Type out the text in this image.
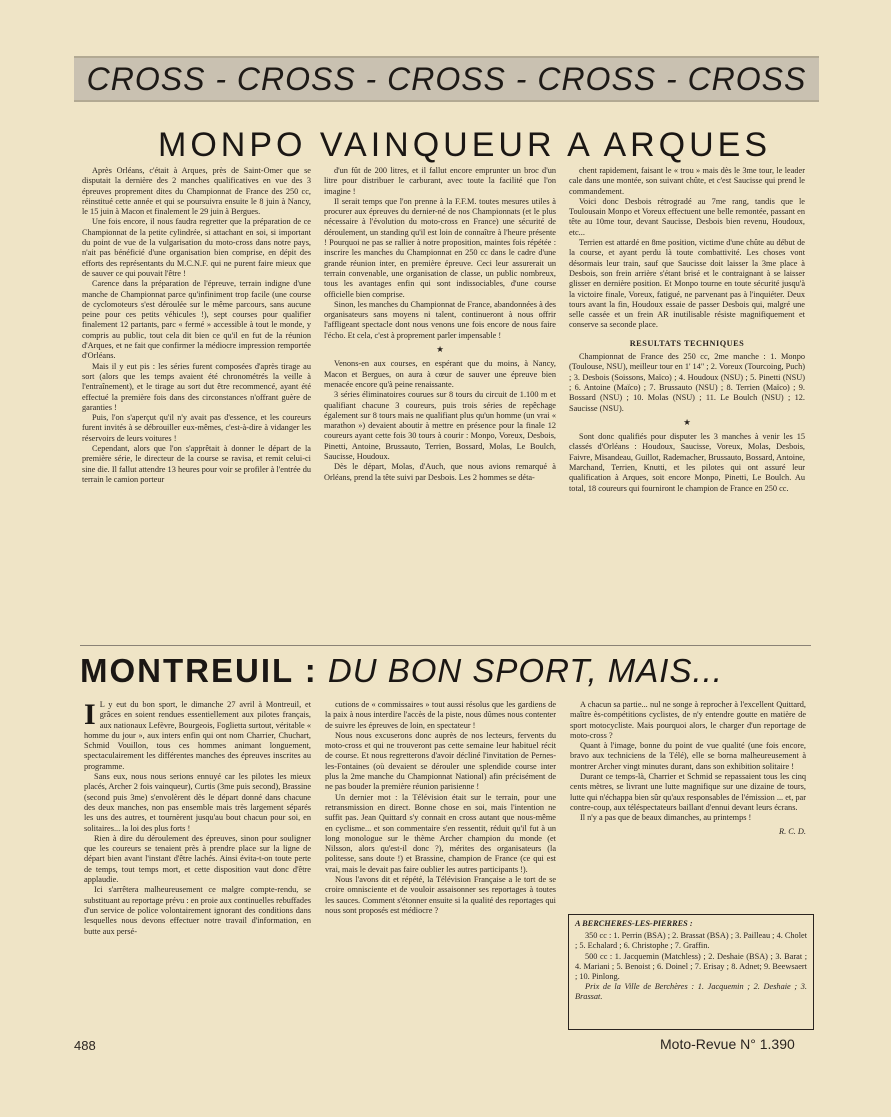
CROSS - CROSS - CROSS - CROSS - CROSS
MONPO VAINQUEUR A ARQUES

Après Orléans, c'était à Arques, près de Saint-Omer que se disputait la dernière des 2 manches qualificatives en vue des 3 épreuves proprement dites du Championnat de France des 250 cc, réinstitué cette année et qui se poursuivra ensuite le 8 juin à Nancy, le 15 juin à Macon et finalement le 29 juin à Bergues.

Une fois encore, il nous faudra regretter que la préparation de ce Championnat de la petite cylindrée, si attachant en soi, si important du point de vue de la vulgarisation du moto-cross dans notre pays, n'ait pas bénéficié d'une organisation bien comprise, en dépit des efforts des représentants du M.C.N.F. qui ne purent faire mieux que de sauver ce qui pouvait l'être !

Carence dans la préparation de l'épreuve, terrain indigne d'une manche de Championnat parce qu'infiniment trop facile (une course de cyclomoteurs s'est déroulée sur le même parcours, sans aucune peine pour ces petits véhicules !), sept courses pour qualifier finalement 12 partants, parc « fermé » accessible à tout le monde, y compris au public, tout cela dit bien ce qu'il en fut de la réunion d'Arques, et ne fait que confirmer la médiocre impression remportée d'Orléans.

Mais il y eut pis : les séries furent composées d'après tirage au sort (alors que les temps avaient été chronométrés la veille à l'entraînement), et le tirage au sort dut être recommencé, ayant été effectué la première fois dans des circonstances n'offrant guère de garanties !

Puis, l'on s'aperçut qu'il n'y avait pas d'essence, et les coureurs furent invités à se débrouiller eux-mêmes, c'est-à-dire à vidanger les réservoirs de leurs voitures !

Cependant, alors que l'on s'apprêtait à donner le départ de la première série, le directeur de la course se ravisa, et remit celui-ci sine die. Il fallut attendre 13 heures pour voir se profiler à l'entrée du terrain le camion porteur

d'un fût de 200 litres, et il fallut encore emprunter un broc d'un litre pour distribuer le carburant, avec toute la facilité que l'on imagine !

Il serait temps que l'on prenne à la F.F.M. toutes mesures utiles à procurer aux épreuves du dernier-né de nos Championnats (et le plus nécessaire à l'évolution du moto-cross en France) une sécurité de déroulement, un standing qu'il est loin de connaître à l'heure présente ! Pourquoi ne pas se rallier à notre proposition, maintes fois répétée : inscrire les manches du Championnat en 250 cc dans le cadre d'une grande réunion inter, en première épreuve. Ceci leur assurerait un terrain convenable, une organisation de classe, un public nombreux, tous les avantages enfin qui sont indissociables, d'une course officielle bien comprise.

Sinon, les manches du Championnat de France, abandonnées à des organisateurs sans moyens ni talent, continueront à nous offrir l'affligeant spectacle dont nous venons une fois encore de nous faire l'écho. Et cela, c'est à proprement parler impensable !

★

Venons-en aux courses, en espérant que du moins, à Nancy, Macon et Bergues, on aura à cœur de sauver une épreuve bien menacée encore qu'à peine renaissante.

3 séries éliminatoires courues sur 8 tours du circuit de 1.100 m et qualifiant chacune 3 coureurs, puis trois séries de repêchage également sur 8 tours mais ne qualifiant plus qu'un homme (un vrai « marathon ») devaient aboutir à mettre en présence pour la finale 12 coureurs ayant cette fois 30 tours à courir : Monpo, Voreux, Desbois, Pinetti, Antoine, Brussauto, Terrien, Bossard, Molas, Le Boulch, Saucisse, Houdoux.

Dès le départ, Molas, d'Auch, que nous avions remarqué à Orléans, prend la tête suivi par Desbois. Les 2 hommes se déta-

chent rapidement, faisant le « trou » mais dès le 3me tour, le leader cale dans une montée, son suivant chûte, et c'est Saucisse qui prend le commandement.

Voici donc Desbois rétrogradé au 7me rang, tandis que le Toulousain Monpo et Voreux effectuent une belle remontée, passant en tête au 10me tour, devant Saucisse, Desbois bien revenu, Houdoux, etc...

Terrien est attardé en 8me position, victime d'une chûte au début de la course, et ayant perdu là toute combattivité. Les choses vont désormais leur train, sauf que Saucisse doit laisser la 3me place à Desbois, son frein arrière s'étant brisé et le contraignant à se laisser glisser en dernière position. Et Monpo tourne en toute sécurité jusqu'à la victoire finale, Voreux, fatigué, ne parvenant pas à l'inquiéter. Deux tours avant la fin, Houdoux essaie de passer Desbois qui, malgré une selle cassée et un frein AR inutilisable résiste magnifiquement et conserve sa seconde place.

RESULTATS TECHNIQUES

Championnat de France des 250 cc, 2me manche : 1. Monpo (Toulouse, NSU), meilleur tour en 1' 14" ; 2. Voreux (Tourcoing, Puch) ; 3. Desbois (Soissons, Maïco) ; 4. Houdoux (NSU) ; 5. Pinetti (NSU) ; 6. Antoine (Maïco) ; 7. Brussauto (NSU) ; 8. Terrien (Maïco) ; 9. Bossard (NSU) ; 10. Molas (NSU) ; 11. Le Boulch (NSU) ; 12. Saucisse (NSU).

★

Sont donc qualifiés pour disputer les 3 manches à venir les 15 classés d'Orléans : Houdoux, Saucisse, Voreux, Molas, Desbois, Faivre, Misandeau, Guillot, Rademacher, Brussauto, Bossard, Antoine, Marchand, Terrien, Knutti, et les pilotes qui ont assuré leur qualification à Arques, soit encore Monpo, Pinetti, Le Boulch. Au total, 18 coureurs qui fourniront le champion de France en 250 cc.

MONTREUIL : DU BON SPORT, MAIS...

I L y eut du bon sport, le dimanche 27 avril à Montreuil, et grâces en soient rendues essentiellement aux pilotes français, aux nationaux Lefèvre, Bourgeois, Foglietta surtout, véritable « homme du jour », aux inters enfin qui ont nom Charrier, Chuchart, Schmid Vouillon, tous ces hommes animant longuement, spectaculairement les différentes manches des épreuves inscrites au programme.

Sans eux, nous nous serions ennuyé car les pilotes les mieux placés, Archer 2 fois vainqueur), Curtis (3me puis second), Brassine (second puis 3me) s'envolèrent dès le départ donné dans chacune des deux manches, non pas ensemble mais très largement séparés les uns des autres, et tournèrent jusqu'au bout chacun pour soi, en solitaires... la loi des plus forts !

Rien à dire du déroulement des épreuves, sinon pour souligner que les coureurs se tenaient près à prendre place sur la ligne de départ bien avant l'instant d'être lachés. Ainsi évita-t-on toute perte de temps, tout temps mort, et cette disposition vaut donc d'être applaudie.

Ici s'arrêtera malheureusement ce malgre compte-rendu, se substituant au reportage prévu : en proie aux continuelles rebuffades d'un service de police volontairement ignorant des conditions dans lesquelles nous devons effectuer notre travail d'information, en butte aux persé-

cutions de « commissaires » tout aussi résolus que les gardiens de la paix à nous interdire l'accès de la piste, nous dûmes nous contenter de suivre les épreuves de loin, en spectateur !

Nous nous excuserons donc auprès de nos lecteurs, fervents du moto-cross et qui ne trouveront pas cette semaine leur habituel récit de course. Et nous regretterons d'avoir décliné l'invitation de Pernes-les-Fontaines (où devaient se dérouler une splendide course inter plus la 2me manche du Championnat National) afin précisément de ne pas bouder la première réunion parisienne !

Un dernier mot : la Télévision était sur le terrain, pour une retransmission en direct. Bonne chose en soi, mais l'intention ne suffit pas. Jean Quittard s'y connait en cross autant que nous-même en cyclisme... et son commentaire s'en ressentit, réduit qu'il fut à un long monologue sur le thème Archer champion du monde (et Nilsson, alors qu'est-il donc ?), mérites des organisateurs (la politesse, sans doute !) et Brassine, champion de France (ce qui est vrai, mais le devait pas faire oublier les autres participants !).

Nous l'avons dit et répété, la Télévision Française a le tort de se croire omnisciente et de vouloir assaisonner ses reportages à toutes les sauces. Comment s'étonner ensuite si la qualité des reportages qui nous sont proposés est médiocre ?

A chacun sa partie... nul ne songe à reprocher à l'excellent Quittard, maître ès-compétitions cyclistes, de n'y entendre goutte en matière de sport motocycliste. Mais pourquoi alors, le charger d'un reportage de moto-cross ?

Quant à l'image, bonne du point de vue qualité (une fois encore, bravo aux techniciens de la Télé), elle se borna malheureusement à montrer Archer vingt minutes durant, dans son exhibition solitaire !

Durant ce temps-là, Charrier et Schmid se repassaient tous les cinq cents mètres, se livrant une lutte magnifique sur une dizaine de tours, lutte qui n'échappa bien sûr qu'aux responsables de l'émission ... et, par contre-coup, aux téléspectateurs baillant d'ennui devant leurs écrans.

Il n'y a pas que de beaux dimanches, au printemps !

R. C. D.

A BERCHERES-LES-PIERRES :

350 cc : 1. Perrin (BSA) ; 2. Brassat (BSA) ; 3. Pailleau ; 4. Cholet ; 5. Echalard ; 6. Christophe ; 7. Graffin.

500 cc : 1. Jacquemin (Matchless) ; 2. Deshaie (BSA) ; 3. Barat ; 4. Mariani ; 5. Benoist ; 6. Doinel ; 7. Erisay ; 8. Adnet; 9. Beewsaert ; 10. Pinlong.

Prix de la Ville de Berchères : 1. Jacquemin ; 2. Deshaie ; 3. Brassat.

488	Moto-Revue N° 1.390
